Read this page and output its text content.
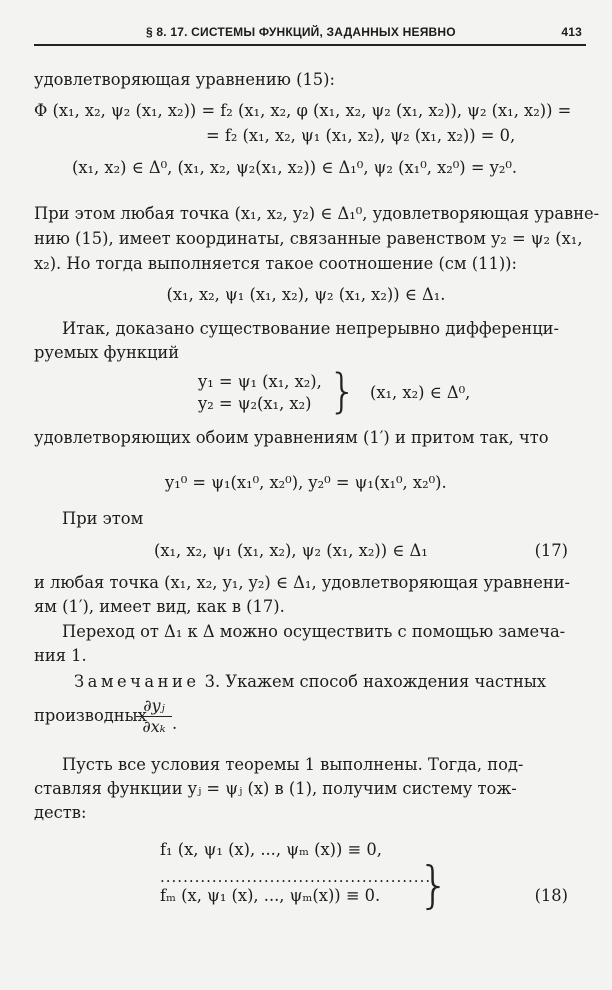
§ 8. 17. СИСТЕМЫ ФУНКЦИЙ, ЗАДАННЫХ НЕЯВНО	413
удовлетворяющая уравнению (15):
Φ (x₁, x₂, ψ₂ (x₁, x₂)) = f₂ (x₁, x₂, φ (x₁, x₂, ψ₂ (x₁, x₂)), ψ₂ (x₁, x₂)) =
= f₂ (x₁, x₂, ψ₁ (x₁, x₂), ψ₂ (x₁, x₂)) = 0,
(x₁, x₂) ∈ Δ⁰, (x₁, x₂, ψ₂(x₁, x₂)) ∈ Δ₁⁰, ψ₂ (x₁⁰, x₂⁰) = y₂⁰.
При этом любая точка (x₁, x₂, y₂) ∈ Δ₁⁰, удовлетворяющая уравне-
нию (15), имеет координаты, связанные равенством y₂ = ψ₂ (x₁,
x₂). Но тогда выполняется такое соотношение (см (11)):
(x₁, x₂, ψ₁ (x₁, x₂), ψ₂ (x₁, x₂)) ∈ Δ₁.
Итак, доказано существование непрерывно дифференци-
руемых функций
y₁ = ψ₁ (x₁, x₂),
y₂ = ψ₂(x₁, x₂) } (x₁, x₂) ∈ Δ⁰,
удовлетворяющих обоим уравнениям (1′) и притом так, что
y₁⁰ = ψ₁(x₁⁰, x₂⁰), y₂⁰ = ψ₁(x₁⁰, x₂⁰).
При этом
(x₁, x₂, ψ₁ (x₁, x₂), ψ₂ (x₁, x₂)) ∈ Δ₁	(17)
и любая точка (x₁, x₂, y₁, y₂) ∈ Δ₁, удовлетворяющая уравнени-
ям (1′), имеет вид, как в (17).
Переход от Δ₁ к Δ можно осуществить с помощью замеча-
ния 1.
Замечание 3. Укажем способ нахождения частных
производных
$\frac{\text{∂yⱼ}}{\text{∂xₖ}}$ .
Пусть все условия теоремы 1 выполнены. Тогда, под-
ставляя функции yⱼ = ψⱼ (x) в (1), получим систему тож-
деств:
f₁ (x, ψ₁ (x), ..., ψₘ (x)) ≡ 0,
...............................................
fₘ (x, ψ₁ (x), ..., ψₘ(x)) ≡ 0. }	(18)
